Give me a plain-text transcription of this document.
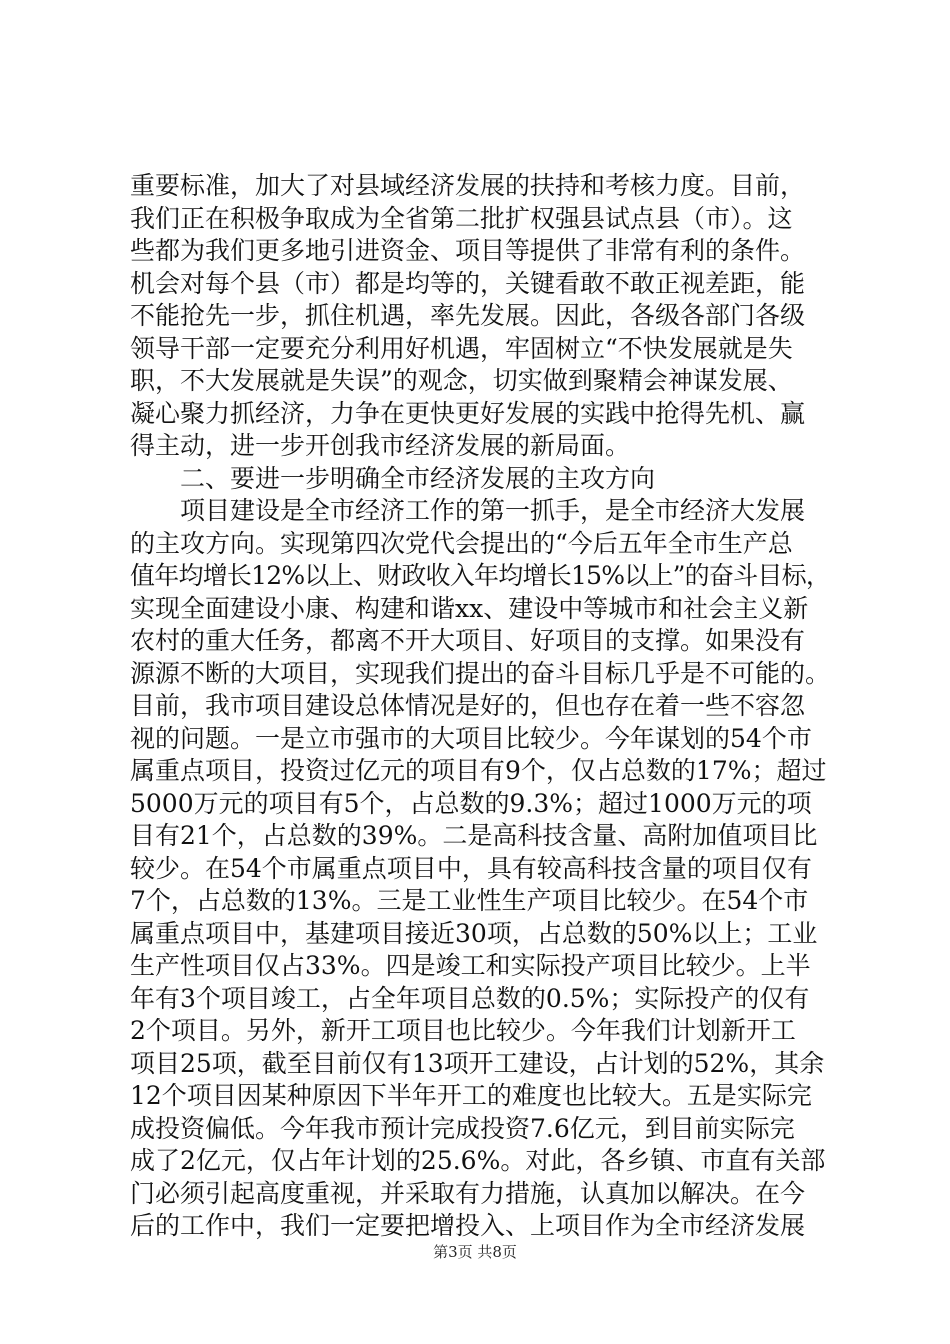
重要标准，加大了对县域经济发展的扶持和考核力度。目前，
我们正在积极争取成为全省第二批扩权强县试点县（市）。这
些都为我们更多地引进资金、项目等提供了非常有利的条件。
机会对每个县（市）都是均等的，关键看敢不敢正视差距，能
不能抢先一步，抓住机遇，率先发展。因此，各级各部门各级
领导干部一定要充分利用好机遇，牢固树立“不快发展就是失
职，不大发展就是失误”的观念，切实做到聚精会神谋发展、
凝心聚力抓经济，力争在更快更好发展的实践中抢得先机、赢
得主动，进一步开创我市经济发展的新局面。
二、要进一步明确全市经济发展的主攻方向
项目建设是全市经济工作的第一抓手，是全市经济大发展
的主攻方向。实现第四次党代会提出的“今后五年全市生产总
值年均增长12%以上、财政收入年均增长15%以上”的奋斗目标，
实现全面建设小康、构建和谐xx、建设中等城市和社会主义新
农村的重大任务，都离不开大项目、好项目的支撑。如果没有
源源不断的大项目，实现我们提出的奋斗目标几乎是不可能的。
目前，我市项目建设总体情况是好的，但也存在着一些不容忽
视的问题。一是立市强市的大项目比较少。今年谋划的54个市
属重点项目，投资过亿元的项目有9个，仅占总数的17%；超过
5000万元的项目有5个，占总数的9.3%；超过1000万元的项
目有21个，占总数的39%。二是高科技含量、高附加值项目比
较少。在54个市属重点项目中，具有较高科技含量的项目仅有
7个，占总数的13%。三是工业性生产项目比较少。在54个市
属重点项目中，基建项目接近30项，占总数的50%以上；工业
生产性项目仅占33%。四是竣工和实际投产项目比较少。上半
年有3个项目竣工，占全年项目总数的0.5%；实际投产的仅有
2个项目。另外，新开工项目也比较少。今年我们计划新开工
项目25项，截至目前仅有13项开工建设，占计划的52%，其余
12个项目因某种原因下半年开工的难度也比较大。五是实际完
成投资偏低。今年我市预计完成投资7.6亿元，到目前实际完
成了2亿元，仅占年计划的25.6%。对此，各乡镇、市直有关部
门必须引起高度重视，并采取有力措施，认真加以解决。在今
后的工作中，我们一定要把增投入、上项目作为全市经济发展
第3页 共8页
